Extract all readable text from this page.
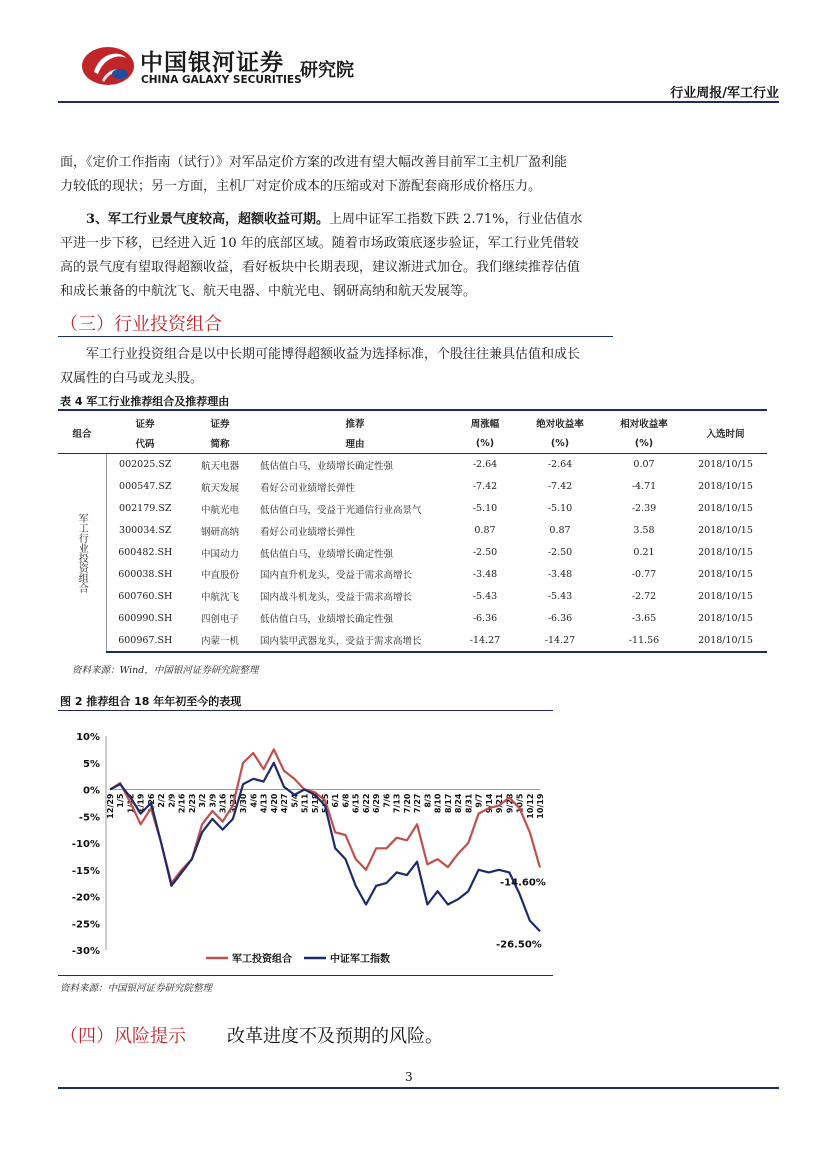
中国银河证券
CHINA GALAXY SECURITIES
研究院
行业周报/军工行业
面，《定价工作指南（试行）》对军品定价方案的改进有望大幅改善目前军工主机厂盈利能
力较低的现状；另一方面，主机厂对定价成本的压缩或对下游配套商形成价格压力。
3、军工行业景气度较高，超额收益可期。上周中证军工指数下跌 2.71%，行业估值水
平进一步下移，已经进入近 10 年的底部区域。随着市场政策底逐步验证，军工行业凭借较
高的景气度有望取得超额收益，看好板块中长期表现，建议渐进式加仓。我们继续推荐估值
和成长兼备的中航沈飞、航天电器、中航光电、钢研高纳和航天发展等。
（三）行业投资组合
军工行业投资组合是以中长期可能博得超额收益为选择标准，个股往往兼具估值和成长
双属性的白马或龙头股。
表 4 军工行业推荐组合及推荐理由
组合	证券	证券	推荐	周涨幅	绝对收益率	相对收益率	入选时间
	代码	简称	理由	(%)	(%)	(%)	
军工行业投资组合	002025.SZ	航天电器	低估值白马，业绩增长确定性强	-2.64	-2.64	0.07	2018/10/15
	000547.SZ	航天发展	看好公司业绩增长弹性	-7.42	-7.42	-4.71	2018/10/15
	002179.SZ	中航光电	低估值白马，受益于光通信行业高景气	-5.10	-5.10	-2.39	2018/10/15
	300034.SZ	钢研高纳	看好公司业绩增长弹性	0.87	0.87	3.58	2018/10/15
	600482.SH	中国动力	低估值白马，业绩增长确定性强	-2.50	-2.50	0.21	2018/10/15
	600038.SH	中直股份	国内直升机龙头，受益于需求高增长	-3.48	-3.48	-0.77	2018/10/15
	600760.SH	中航沈飞	国内战斗机龙头，受益于需求高增长	-5.43	-5.43	-2.72	2018/10/15
	600990.SH	四创电子	低估值白马，业绩增长确定性强	-6.36	-6.36	-3.65	2018/10/15
	600967.SH	内蒙一机	国内装甲武器龙头，受益于需求高增长	-14.27	-14.27	-11.56	2018/10/15
资料来源：Wind，中国银河证券研究院整理
图 2 推荐组合 18 年年初至今的表现
10%
5%
0%
-5%
-10%
-15%
-20%
-25%
-30%
12/29 1/5 1/12 1/19 1/26 2/2 2/9 2/16 2/23 3/2 3/9 3/16 3/23 3/30 4/6 4/13 4/20 4/27 5/4 5/11 5/18 5/25 6/1 6/8 6/15 6/22 6/29 7/6 7/13 7/20 7/27 8/3 8/10 8/17 8/24 8/31 9/7 9/14 9/21 9/28 10/5 10/12 10/19
-14.60%
-26.50%
军工投资组合	中证军工指数
资料来源：中国银河证券研究院整理
（四）风险提示 改革进度不及预期的风险。
3
